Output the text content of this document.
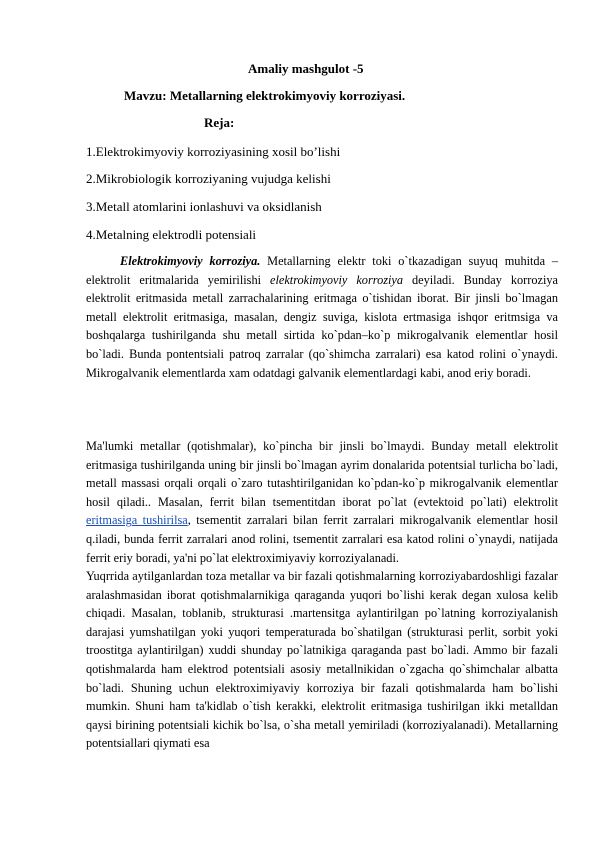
Amaliy mashgulot -5
Mavzu: Metallarning elektrokimyoviy korroziyasi.
Reja:
1.Elektrokimyoviy korroziyasining xosil bo’lishi
2.Mikrobiologik korroziyaning vujudga kelishi
3.Metall atomlarini ionlashuvi va oksidlanish
4.Metalning elektrodli potensiali

Elektrokimyoviy korroziya. Metallarning elektr toki o`tkazadigan suyuq muhitda – elektrolit eritmalarida yemirilishi elektrokimyoviy korroziya deyiladi. Bunday korroziya elektrolit eritmasida metall zarrachalarining eritmaga o`tishidan iborat. Bir jinsli bo`lmagan metall elektrolit eritmasiga, masalan, dengiz suviga, kislota ertmasiga ishqor eritmsiga va boshqalarga tushirilganda shu metall sirtida ko`pdan–ko`p mikrogalvanik elementlar hosil bo`ladi. Bunda pontentsiali patroq zarralar (qo`shimcha zarralari) esa katod rolini o`ynaydi. Mikrogalvanik elementlarda xam odatdagi galvanik elementlardagi kabi, anod eriy boradi.

Ma'lumki metallar (qotishmalar), ko`pincha bir jinsli bo`lmaydi. Bunday metall elektrolit eritmasiga tushirilganda uning bir jinsli bo`lmagan ayrim donalarida potentsial turlicha bo`ladi, metall massasi orqali orqali o`zaro tutashtirilganidan ko`pdan-ko`p mikrogalvanik elementlar hosil qiladi.. Masalan, ferrit bilan tsementitdan iborat po`lat (evtektoid po`lati) elektrolit eritmasiga tushirilsa, tsementit zarralari bilan ferrit zarralari mikrogalvanik elementlar hosil q.iladi, bunda ferrit zarralari anod rolini, tsementit zarralari esa katod rolini o`ynaydi, natijada ferrit eriy boradi, ya'ni po`lat elektroximiyaviy korroziyalanadi.

Yuqrrida aytilganlardan toza metallar va bir fazali qotishmalarning korroziyabardoshligi fazalar aralashmasidan iborat qotishmalarnikiga qaraganda yuqori bo`lishi kerak degan xulosa kelib chiqadi. Masalan, toblanib, strukturasi .martensitga aylantirilgan po`latning korroziyalanish darajasi yumshatilgan yoki yuqori temperaturada bo`shatilgan (strukturasi perlit, sorbit yoki troostitga aylantirilgan) xuddi shunday po`latnikiga qaraganda past bo`ladi. Ammo bir fazali qotishmalarda ham elektrod potentsiali asosiy metallnikidan o`zgacha qo`shimchalar albatta bo`ladi. Shuning uchun elektroximiyaviy korroziya bir fazali qotishmalarda ham bo`lishi mumkin. Shuni ham ta'kidlab o`tish kerakki, elektrolit eritmasiga tushirilgan ikki metalldan qaysi birining potentsiali kichik bo`lsa, o`sha metall yemiriladi (korroziyalanadi). Metallarning potentsiallari qiymati esa
